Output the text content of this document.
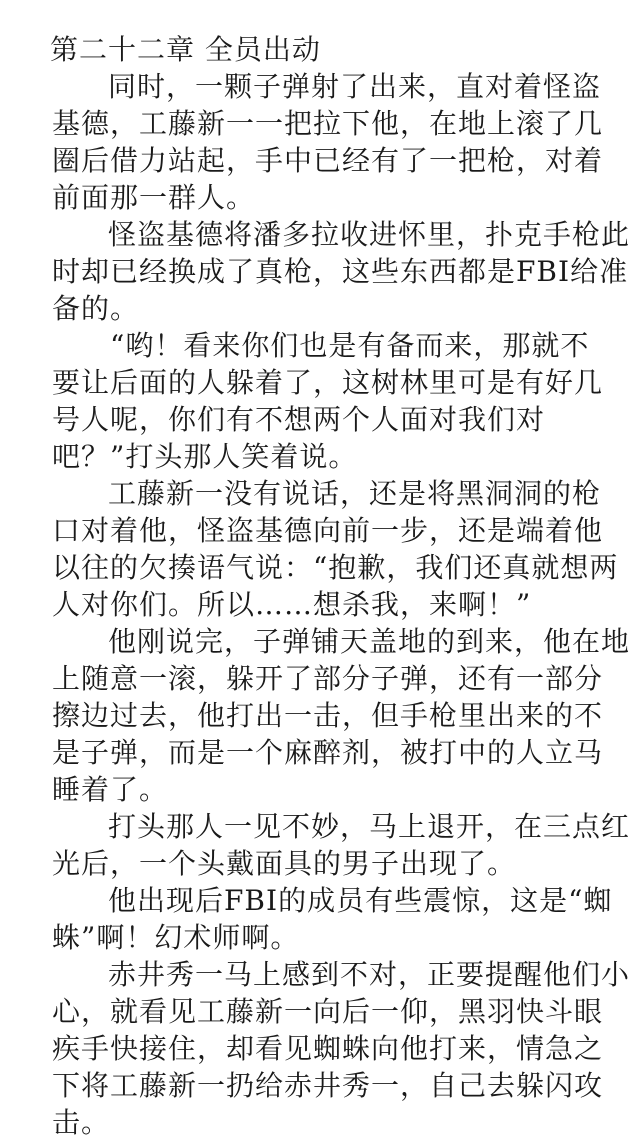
第二十二章 全员出动
同时，一颗子弹射了出来，直对着怪盗
基德，工藤新一一把拉下他，在地上滚了几
圈后借力站起，手中已经有了一把枪，对着
前面那一群人。
怪盗基德将潘多拉收进怀里，扑克手枪此
时却已经换成了真枪，这些东西都是FBI给准
备的。
“哟！看来你们也是有备而来，那就不
要让后面的人躲着了，这树林里可是有好几
号人呢，你们有不想两个人面对我们对
吧？”打头那人笑着说。
工藤新一没有说话，还是将黑洞洞的枪
口对着他，怪盗基德向前一步，还是端着他
以往的欠揍语气说：“抱歉，我们还真就想两
人对你们。所以……想杀我，来啊！”
他刚说完，子弹铺天盖地的到来，他在地
上随意一滚，躲开了部分子弹，还有一部分
擦边过去，他打出一击，但手枪里出来的不
是子弹，而是一个麻醉剂，被打中的人立马
睡着了。
打头那人一见不妙，马上退开，在三点红
光后，一个头戴面具的男子出现了。
他出现后FBI的成员有些震惊，这是“蜘
蛛”啊！幻术师啊。
赤井秀一马上感到不对，正要提醒他们小
心，就看见工藤新一向后一仰，黑羽快斗眼
疾手快接住，却看见蜘蛛向他打来，情急之
下将工藤新一扔给赤井秀一，自己去躲闪攻
击。
